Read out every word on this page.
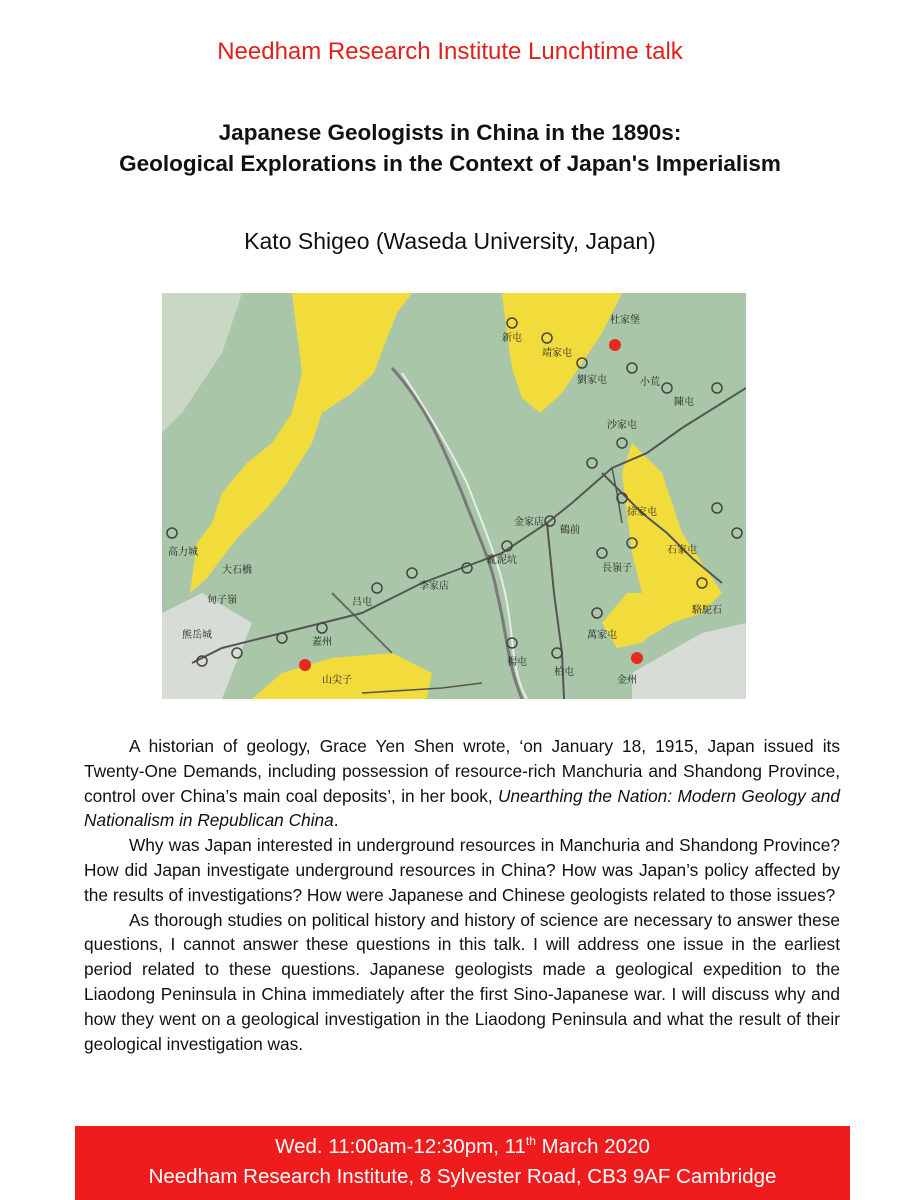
Needham Research Institute Lunchtime talk
Japanese Geologists in China in the 1890s:
Geological Explorations in the Context of Japan's Imperialism
Kato Shigeo (Waseda University, Japan)
新屯
靖家屯
杜家堡
小荒
陳屯
劉家屯
沙家屯
鶴前
金家店
徐家屯
大石橋
甸子嶺
李家店
亂泥坑
長嶺子
石家屯
駱駝石
吕屯
蓋州
熊岳城
山尖子	金州
楊屯
柏屯
萬家屯
高力城

A historian of geology, Grace Yen Shen wrote, ‘on January 18, 1915, Japan issued its Twenty-One Demands, including possession of resource-rich Manchuria and Shandong Province, control over China’s main coal deposits’, in her book, Unearthing the Nation: Modern Geology and Nationalism in Republican China.

Why was Japan interested in underground resources in Manchuria and Shandong Province? How did Japan investigate underground resources in China? How was Japan’s policy affected by the results of investigations? How were Japanese and Chinese geologists related to those issues?

As thorough studies on political history and history of science are necessary to answer these questions, I cannot answer these questions in this talk. I will address one issue in the earliest period related to these questions. Japanese geologists made a geological expedition to the Liaodong Peninsula in China immediately after the first Sino-Japanese war. I will discuss why and how they went on a geological investigation in the Liaodong Peninsula and what the result of their geological investigation was.

Wed. 11:00am-12:30pm, 11th March 2020
Needham Research Institute, 8 Sylvester Road, CB3 9AF Cambridge
